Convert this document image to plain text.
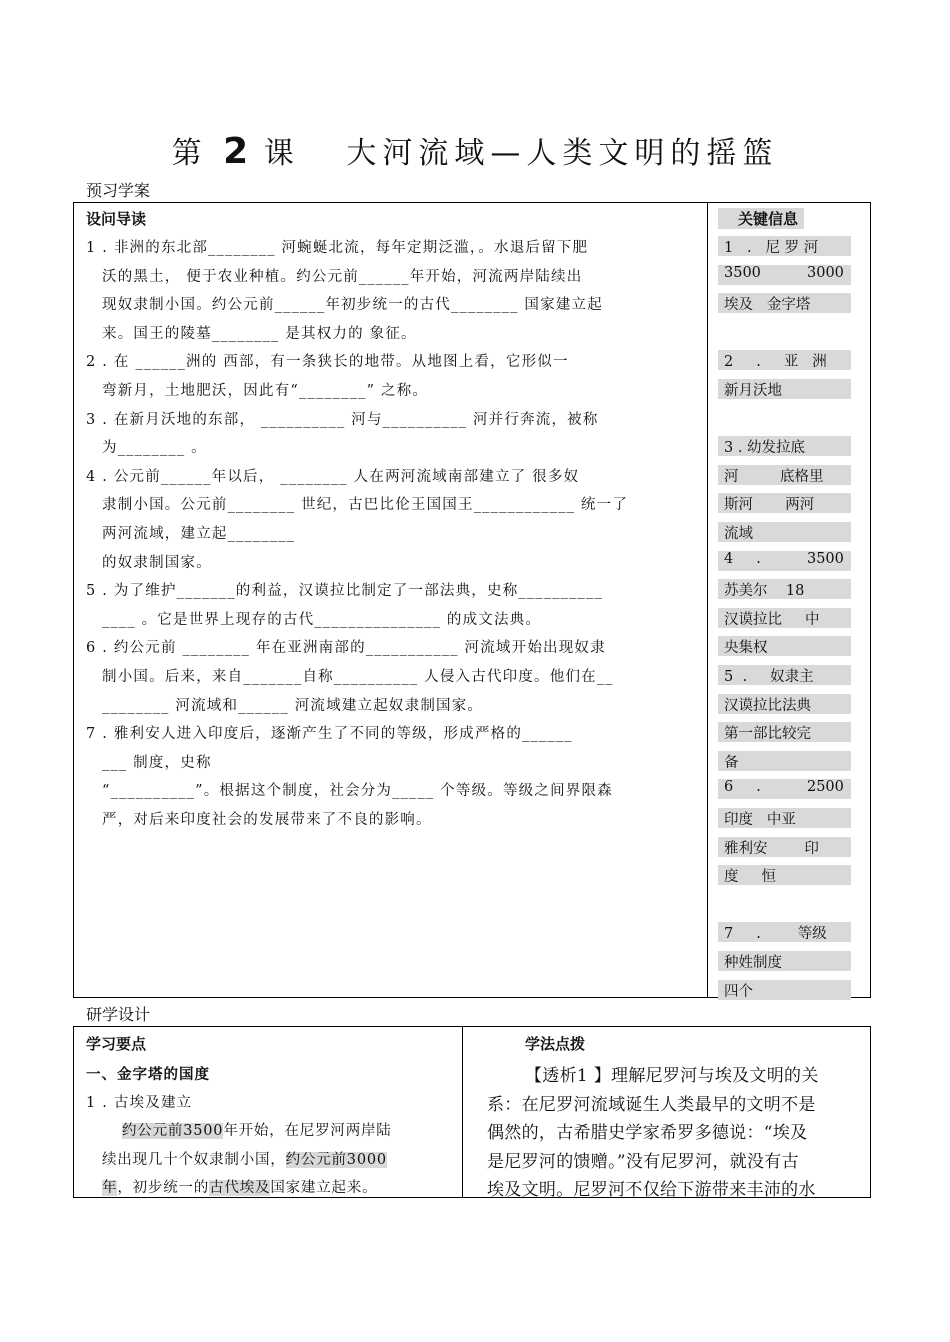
第 2 课 大河流域—人类文明的摇篮
预习学案
设问导读
1 . 非洲的东北部________ 河蜿蜒北流，每年定期泛滥，。水退后留下肥
沃的黑土， 便于农业种植。约公元前______年开始，河流两岸陆续出
现奴隶制小国。约公元前______年初步统一的古代________ 国家建立起
来。国王的陵墓________ 是其权力的 象征。
2 . 在 ______洲的 西部，有一条狭长的地带。从地图上看，它形似一
弯新月，土地肥沃，因此有“________” 之称。
3 . 在新月沃地的东部， __________ 河与__________ 河并行奔流，被称
为________ 。
4 . 公元前______年以后， ________ 人在两河流域南部建立了 很多奴
隶制小国。公元前________ 世纪，古巴比伦王国国王____________ 统一了
两河流域，建立起________
的奴隶制国家。
5 . 为了维护_______的利益，汉谟拉比制定了一部法典，史称__________
____ 。它是世界上现存的古代_______________ 的成文法典。
6 . 约公元前 ________ 年在亚洲南部的___________ 河流域开始出现奴隶
制小国。后来，来自_______自称__________ 人侵入古代印度。他们在__
________ 河流域和______ 河流域建立起奴隶制国家。
7 . 雅利安人进入印度后，逐渐产生了不同的等级，形成严格的______
___ 制度，史称
“__________”。根据这个制度，社会分为_____ 个等级。等级之间界限森
严，对后来印度社会的发展带来了不良的影响。
关键信息
1   .   尼 罗 河
3500          3000
埃及   金字塔
2     .     亚   洲
新月沃地
3 . 幼发拉底
河         底格里
斯河       两河
流域
4     .          3500
苏美尔    18
汉谟拉比     中
央集权
5  .     奴隶主
汉谟拉比法典
第一部比较完
备
6     .          2500
印度   中亚
雅利安        印
度     恒
7     .        等级
种姓制度
四个
研学设计
学习要点
一、金字塔的国度
1 . 古埃及建立
约公元前3500年开始，在尼罗河两岸陆
续出现几十个奴隶制小国，约公元前3000
年，初步统一的古代埃及国家建立起来。
学法点拨
【透析1 】理解尼罗河与埃及文明的关
系：在尼罗河流域诞生人类最早的文明不是
偶然的，古希腊史学家希罗多德说：“埃及
是尼罗河的馈赠。”没有尼罗河，就没有古
埃及文明。尼罗河不仅给下游带来丰沛的水
